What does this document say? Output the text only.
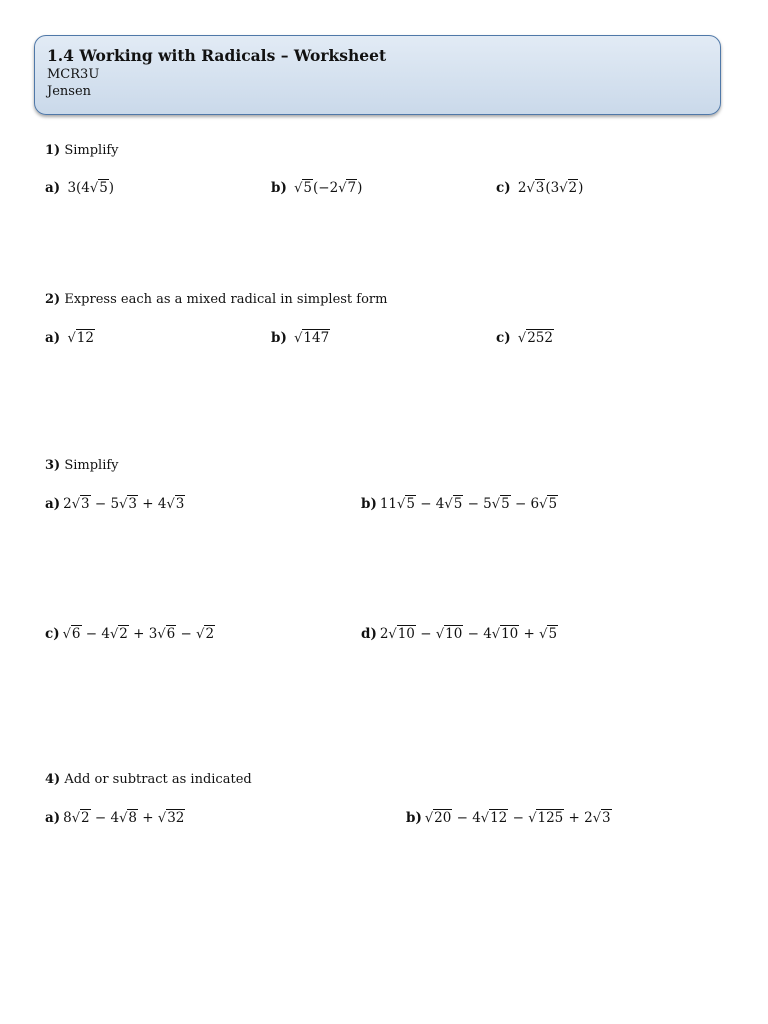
1.4 Working with Radicals – Worksheet
MCR3U
Jensen
1) Simplify
a) 3(4√5)	b) √5(−2√7)	c) 2√3(3√2)
2) Express each as a mixed radical in simplest form
a) √12	b) √147	c) √252
3) Simplify
a) 2√3 − 5√3 + 4√3	b) 11√5 − 4√5 − 5√5 − 6√5
c) √6 − 4√2 + 3√6 − √2	d) 2√10 − √10 − 4√10 + √5
4) Add or subtract as indicated
a) 8√2 − 4√8 + √32	b) √20 − 4√12 − √125 + 2√3
